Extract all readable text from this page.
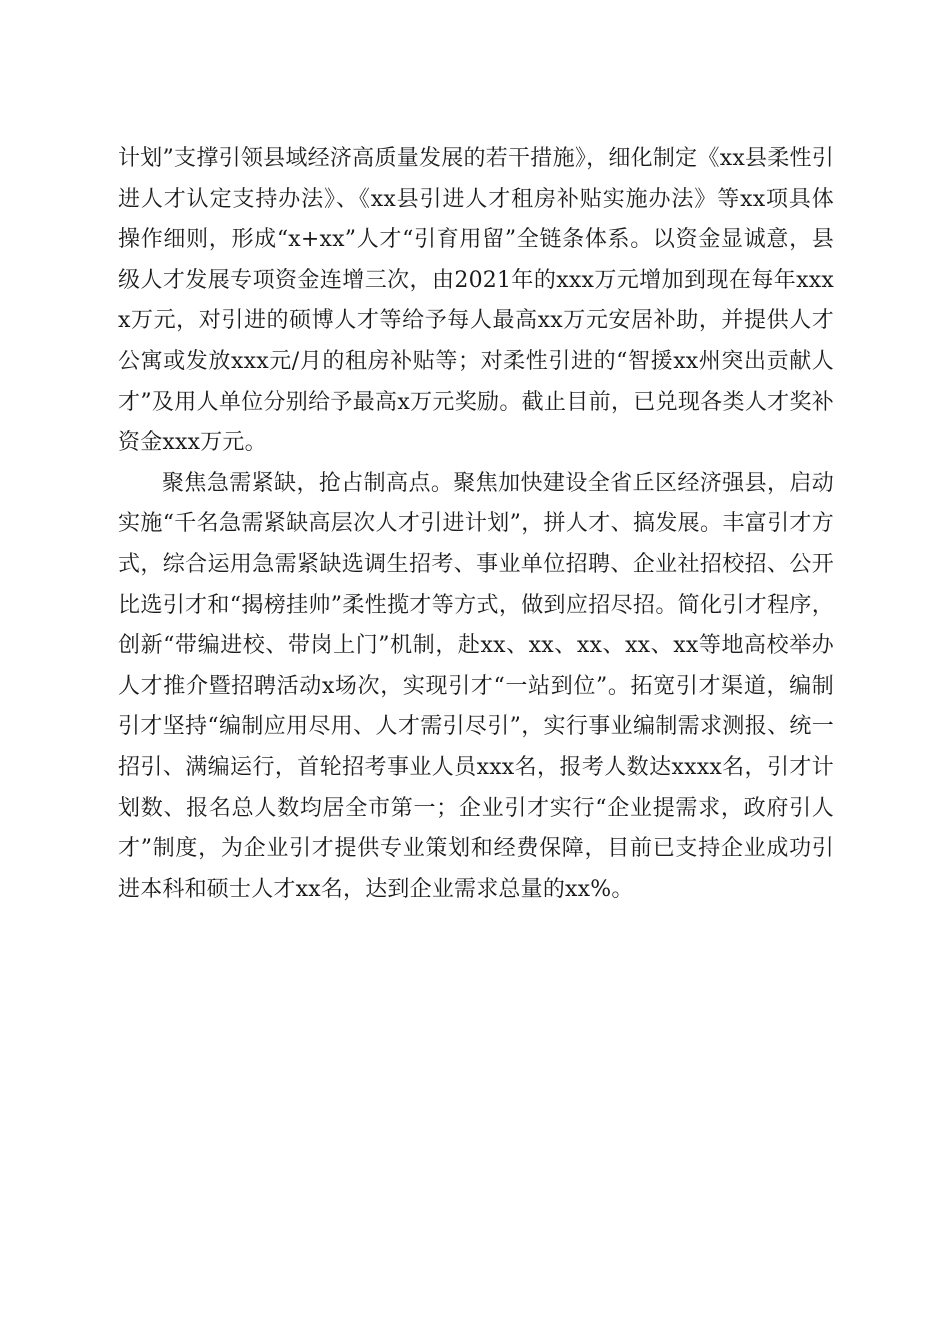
计划”支撑引领县域经济高质量发展的若干措施》，细化制定《xx县柔性引进人才认定支持办法》、《xx县引进人才租房补贴实施办法》等xx项具体操作细则，形成“x+xx”人才“引育用留”全链条体系。以资金显诚意，县级人才发展专项资金连增三次，由2021年的xxx万元增加到现在每年xxxx万元，对引进的硕博人才等给予每人最高xx万元安居补助，并提供人才公寓或发放xxx元/月的租房补贴等；对柔性引进的“智援xx州突出贡献人才”及用人单位分别给予最高x万元奖励。截止目前，已兑现各类人才奖补资金xxx万元。

聚焦急需紧缺，抢占制高点。聚焦加快建设全省丘区经济强县，启动实施“千名急需紧缺高层次人才引进计划”，拼人才、搞发展。丰富引才方式，综合运用急需紧缺选调生招考、事业单位招聘、企业社招校招、公开比选引才和“揭榜挂帅”柔性揽才等方式，做到应招尽招。简化引才程序，创新“带编进校、带岗上门”机制，赴xx、xx、xx、xx、xx等地高校举办人才推介暨招聘活动x场次，实现引才“一站到位”。拓宽引才渠道，编制引才坚持“编制应用尽用、人才需引尽引”，实行事业编制需求测报、统一招引、满编运行，首轮招考事业人员xxx名，报考人数达xxxx名，引才计划数、报名总人数均居全市第一；企业引才实行“企业提需求，政府引人才”制度，为企业引才提供专业策划和经费保障，目前已支持企业成功引进本科和硕士人才xx名，达到企业需求总量的xx%。
